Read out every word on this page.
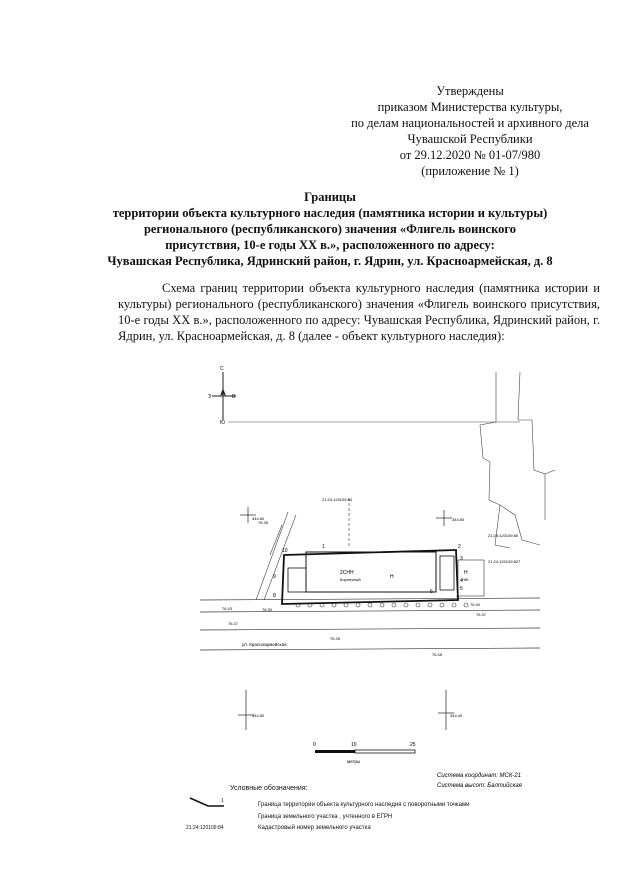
Утверждены
приказом Министерства культуры,
по делам национальностей и архивного дела
Чувашской Республики
от 29.12.2020 № 01-07/980
(приложение № 1)
Границы
территории объекта культурного наследия (памятника истории и культуры)
регионального (республиканского) значения «Флигель воинского
присутствия, 10-е годы XX в.», расположенного по адресу:
Чувашская Республика, Ядринский район, г. Ядрин, ул. Красноармейская, д. 8

Схема границ территории объекта культурного наследия (памятника истории и культуры) регионального (республиканского) значения «Флигель воинского присутствия, 10-е годы XX в.», расположенного по адресу: Чувашская Республика, Ядринский район, г. Ядрин, ул. Красноармейская, д. 8 (далее - объект культурного наследия):

С
З	В
Ю
2СНН
Кирпичный	Н
Н
НЖ
1	2
3
4
5
6
7
8
9
10
21:24:120109:84
21:24:120109:85
21:24:120109:827
344.50
344.40
344.50
344.60
76.43
76.37
76.39
76.40
76.37
76.35
76.45
76.30
ул. Красноармейская
0	10	25
метры
Система координат: МСК-21
Система высот: Балтийская
Условные обозначения:
1
Граница территории объекта культурного наследия с поворотными точками
Граница земельного участка , учтенного в ЕГРН
21:24:120109:84	Кадастровый номер земельного участка
